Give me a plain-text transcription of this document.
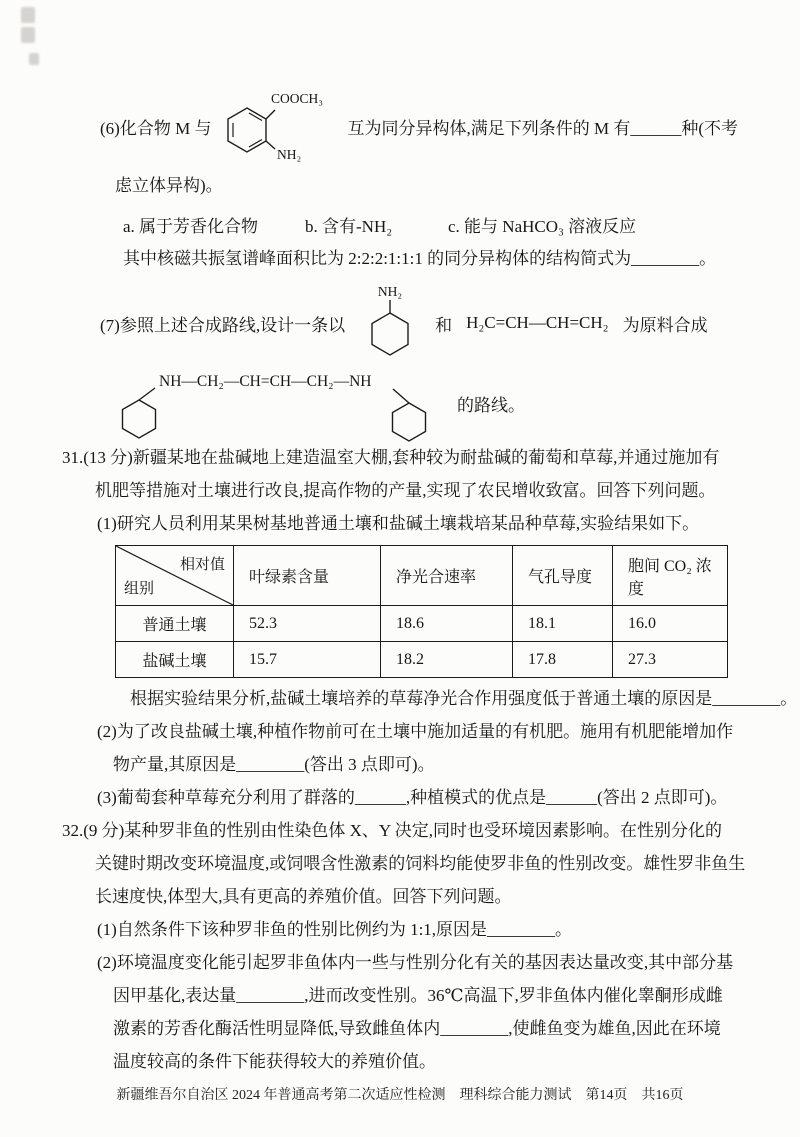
(6)化合物 M 与
COOCH₃
NH₂
互为同分异构体,满足下列条件的 M 有______种(不考
虑立体异构)。
a. 属于芳香化合物	b. 含有-NH₂	c. 能与 NaHCO₃ 溶液反应
其中核磁共振氢谱峰面积比为 2:2:2:1:1:1 的同分异构体的结构简式为________。
(7)参照上述合成路线,设计一条以
NH₂
和 H₂C=CH—CH=CH₂ 为原料合成
NH—CH₂—CH=CH—CH₂—NH
的路线。
31.(13 分)新疆某地在盐碱地上建造温室大棚,套种较为耐盐碱的葡萄和草莓,并通过施加有
机肥等措施对土壤进行改良,提高作物的产量,实现了农民增收致富。回答下列问题。
(1)研究人员利用某果树基地普通土壤和盐碱土壤栽培某品种草莓,实验结果如下。
相对值
组别	叶绿素含量	净光合速率	气孔导度	胞间 CO₂ 浓度
普通土壤	52.3	18.6	18.1	16.0
盐碱土壤	15.7	18.2	17.8	27.3
根据实验结果分析,盐碱土壤培养的草莓净光合作用强度低于普通土壤的原因是________。
(2)为了改良盐碱土壤,种植作物前可在土壤中施加适量的有机肥。施用有机肥能增加作
物产量,其原因是________(答出 3 点即可)。
(3)葡萄套种草莓充分利用了群落的______,种植模式的优点是______(答出 2 点即可)。
32.(9 分)某种罗非鱼的性别由性染色体 X、Y 决定,同时也受环境因素影响。在性别分化的
关键时期改变环境温度,或饲喂含性激素的饲料均能使罗非鱼的性别改变。雄性罗非鱼生
长速度快,体型大,具有更高的养殖价值。回答下列问题。
(1)自然条件下该种罗非鱼的性别比例约为 1:1,原因是________。
(2)环境温度变化能引起罗非鱼体内一些与性别分化有关的基因表达量改变,其中部分基
因甲基化,表达量________,进而改变性别。36℃高温下,罗非鱼体内催化睾酮形成雌
激素的芳香化酶活性明显降低,导致雌鱼体内________,使雌鱼变为雄鱼,因此在环境
温度较高的条件下能获得较大的养殖价值。
新疆维吾尔自治区 2024 年普通高考第二次适应性检测　理科综合能力测试　第14页　共16页
